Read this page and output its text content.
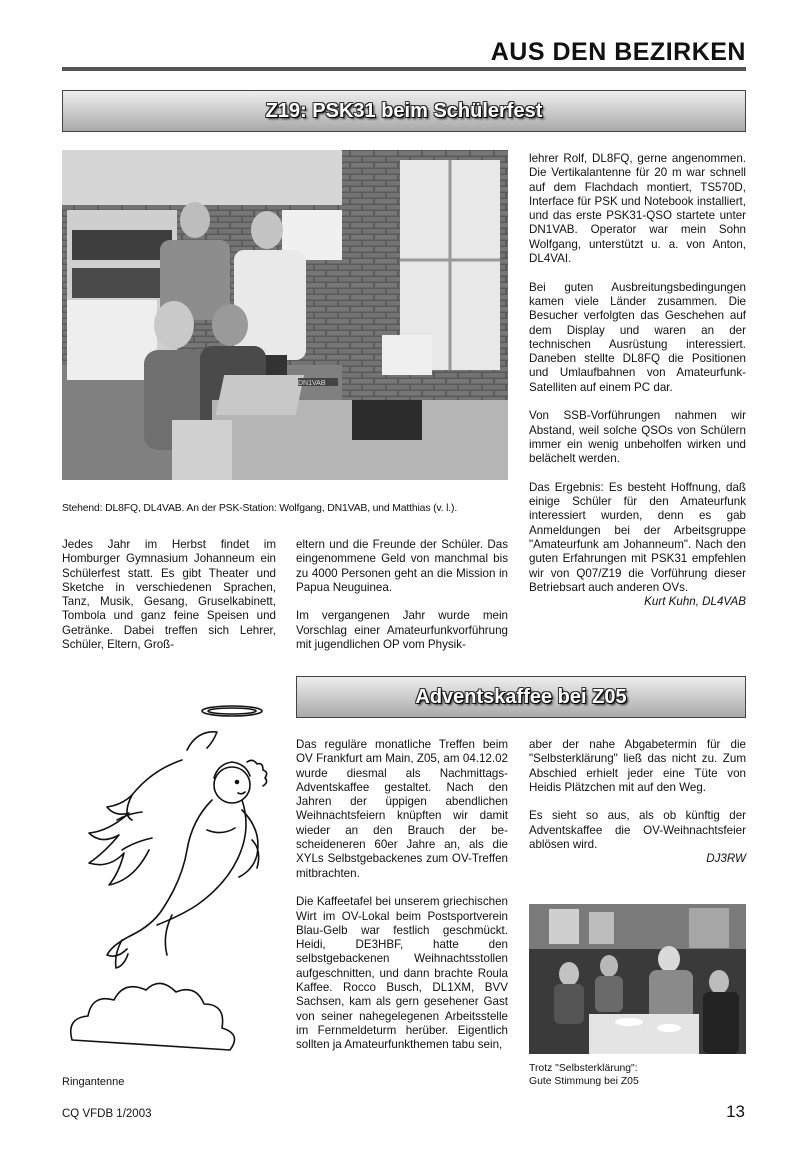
AUS DEN BEZIRKEN
Z19: PSK31 beim Schülerfest
DN1VAB
Stehend: DL8FQ, DL4VAB. An der PSK-Station: Wolfgang, DN1VAB, und Matthias (v. l.).

Jedes Jahr im Herbst findet im Homburger Gymnasium Johanneum ein Schülerfest statt. Es gibt Theater und Sketche in verschiedenen Sprachen, Tanz, Musik, Gesang, Gruselkabinett, Tombola und ganz feine Speisen und Getränke. Dabei treffen sich Lehrer, Schüler, Eltern, Groß-

eltern und die Freunde der Schüler. Das eingenommene Geld von manchmal bis zu 4000 Personen geht an die Mission in Papua Neuguinea.

Im vergangenen Jahr wurde mein Vorschlag einer Amateurfunkvorführung mit jugendlichen OP vom Physik-

lehrer Rolf, DL8FQ, gerne angenommen. Die Vertikalantenne für 20 m war schnell auf dem Flachdach montiert, TS570D, Interface für PSK und Notebook installiert, und das erste PSK31-QSO startete unter DN1VAB. Operator war mein Sohn Wolfgang, unterstützt u. a. von Anton, DL4VAI.

Bei guten Ausbreitungsbedingungen kamen viele Länder zusammen. Die Besucher verfolgten das Geschehen auf dem Display und waren an der technischen Ausrüstung interessiert. Daneben stellte DL8FQ die Positionen und Umlaufbahnen von Amateurfunk-Satelliten auf einem PC dar.

Von SSB-Vorführungen nahmen wir Abstand, weil solche QSOs von Schülern immer ein wenig unbeholfen wirken und belächelt werden.

Das Ergebnis: Es besteht Hoffnung, daß einige Schüler für den Amateurfunk interessiert wurden, denn es gab Anmeldungen bei der Arbeitsgruppe "Amateurfunk am Johanneum". Nach den guten Erfahrungen mit PSK31 empfehlen wir von Q07/Z19 die Vorführung dieser Betriebsart auch anderen OVs.

Kurt Kuhn, DL4VAB
Adventskaffee bei Z05
Ringantenne

Das reguläre monatliche Treffen beim OV Frankfurt am Main, Z05, am 04.12.02 wurde diesmal als Nachmittags-Adventskaffee gestaltet. Nach den Jahren der üppigen abendlichen Weihnachtsfeiern knüpften wir damit wieder an den Brauch der bescheideneren 60er Jahre an, als die XYLs Selbstgebackenes zum OV-Treffen mitbrachten.

Die Kaffeetafel bei unserem griechischen Wirt im OV-Lokal beim Postsportverein Blau-Gelb war festlich geschmückt. Heidi, DE3HBF, hatte den selbstgebackenen Weihnachtsstollen aufgeschnitten, und dann brachte Roula Kaffee. Rocco Busch, DL1XM, BVV Sachsen, kam als gern gesehener Gast von seiner nahegelegenen Arbeitsstelle im Fernmeldeturm herüber. Eigentlich sollten ja Amateurfunkthemen tabu sein,

aber der nahe Abgabetermin für die "Selbsterklärung" ließ das nicht zu. Zum Abschied erhielt jeder eine Tüte von Heidis Plätzchen mit auf den Weg.

Es sieht so aus, als ob künftig der Adventskaffee die OV-Weihnachtsfeier ablösen wird.

DJ3RW
Trotz "Selbsterklärung":
Gute Stimmung bei Z05
CQ VFDB 1/2003	13
